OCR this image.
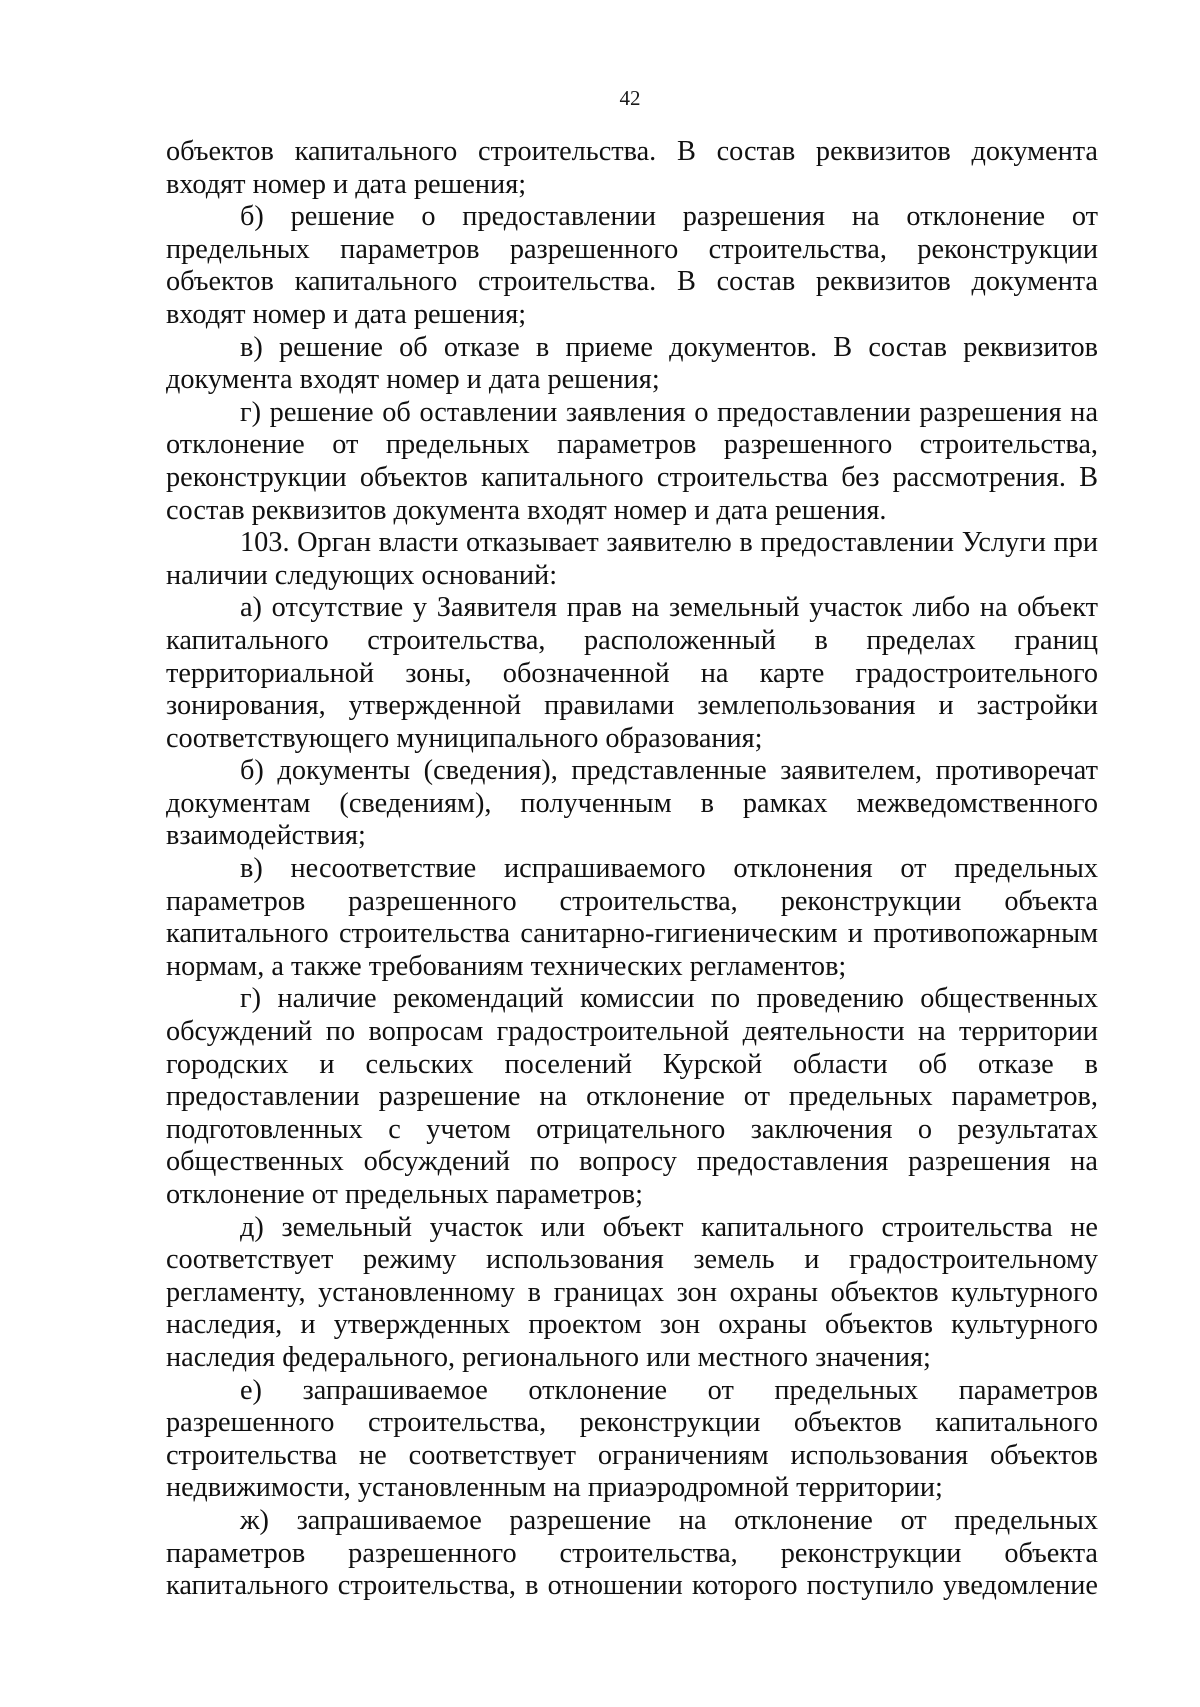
42

объектов капитального строительства. В состав реквизитов документа входят номер и дата решения;

б) решение о предоставлении разрешения на отклонение от предельных параметров разрешенного строительства, реконструкции объектов капитального строительства. В состав реквизитов документа входят номер и дата решения;

в) решение об отказе в приеме документов. В состав реквизитов документа входят номер и дата решения;

г) решение об оставлении заявления о предоставлении разрешения на отклонение от предельных параметров разрешенного строительства, реконструкции объектов капитального строительства без рассмотрения. В состав реквизитов документа входят номер и дата решения.

103. Орган власти отказывает заявителю в предоставлении Услуги при наличии следующих оснований:

а) отсутствие у Заявителя прав на земельный участок либо на объект капитального строительства, расположенный в пределах границ территориальной зоны, обозначенной на карте градостроительного зонирования, утвержденной правилами землепользования и застройки соответствующего муниципального образования;

б) документы (сведения), представленные заявителем, противоречат документам (сведениям), полученным в рамках межведомственного взаимодействия;

в) несоответствие испрашиваемого отклонения от предельных параметров разрешенного строительства, реконструкции объекта капитального строительства санитарно-гигиеническим и противопожарным нормам, а также требованиям технических регламентов;

г) наличие рекомендаций комиссии по проведению общественных обсуждений по вопросам градостроительной деятельности на территории городских и сельских поселений Курской области об отказе в предоставлении разрешение на отклонение от предельных параметров, подготовленных с учетом отрицательного заключения о результатах общественных обсуждений по вопросу предоставления разрешения на отклонение от предельных параметров;

д) земельный участок или объект капитального строительства не соответствует режиму использования земель и градостроительному регламенту, установленному в границах зон охраны объектов культурного наследия, и утвержденных проектом зон охраны объектов культурного наследия федерального, регионального или местного значения;

е) запрашиваемое отклонение от предельных параметров разрешенного строительства, реконструкции объектов капитального строительства не соответствует ограничениям использования объектов недвижимости, установленным на приаэродромной территории;

ж) запрашиваемое разрешение на отклонение от предельных параметров разрешенного строительства, реконструкции объекта капитального строительства, в отношении которого поступило уведомление
